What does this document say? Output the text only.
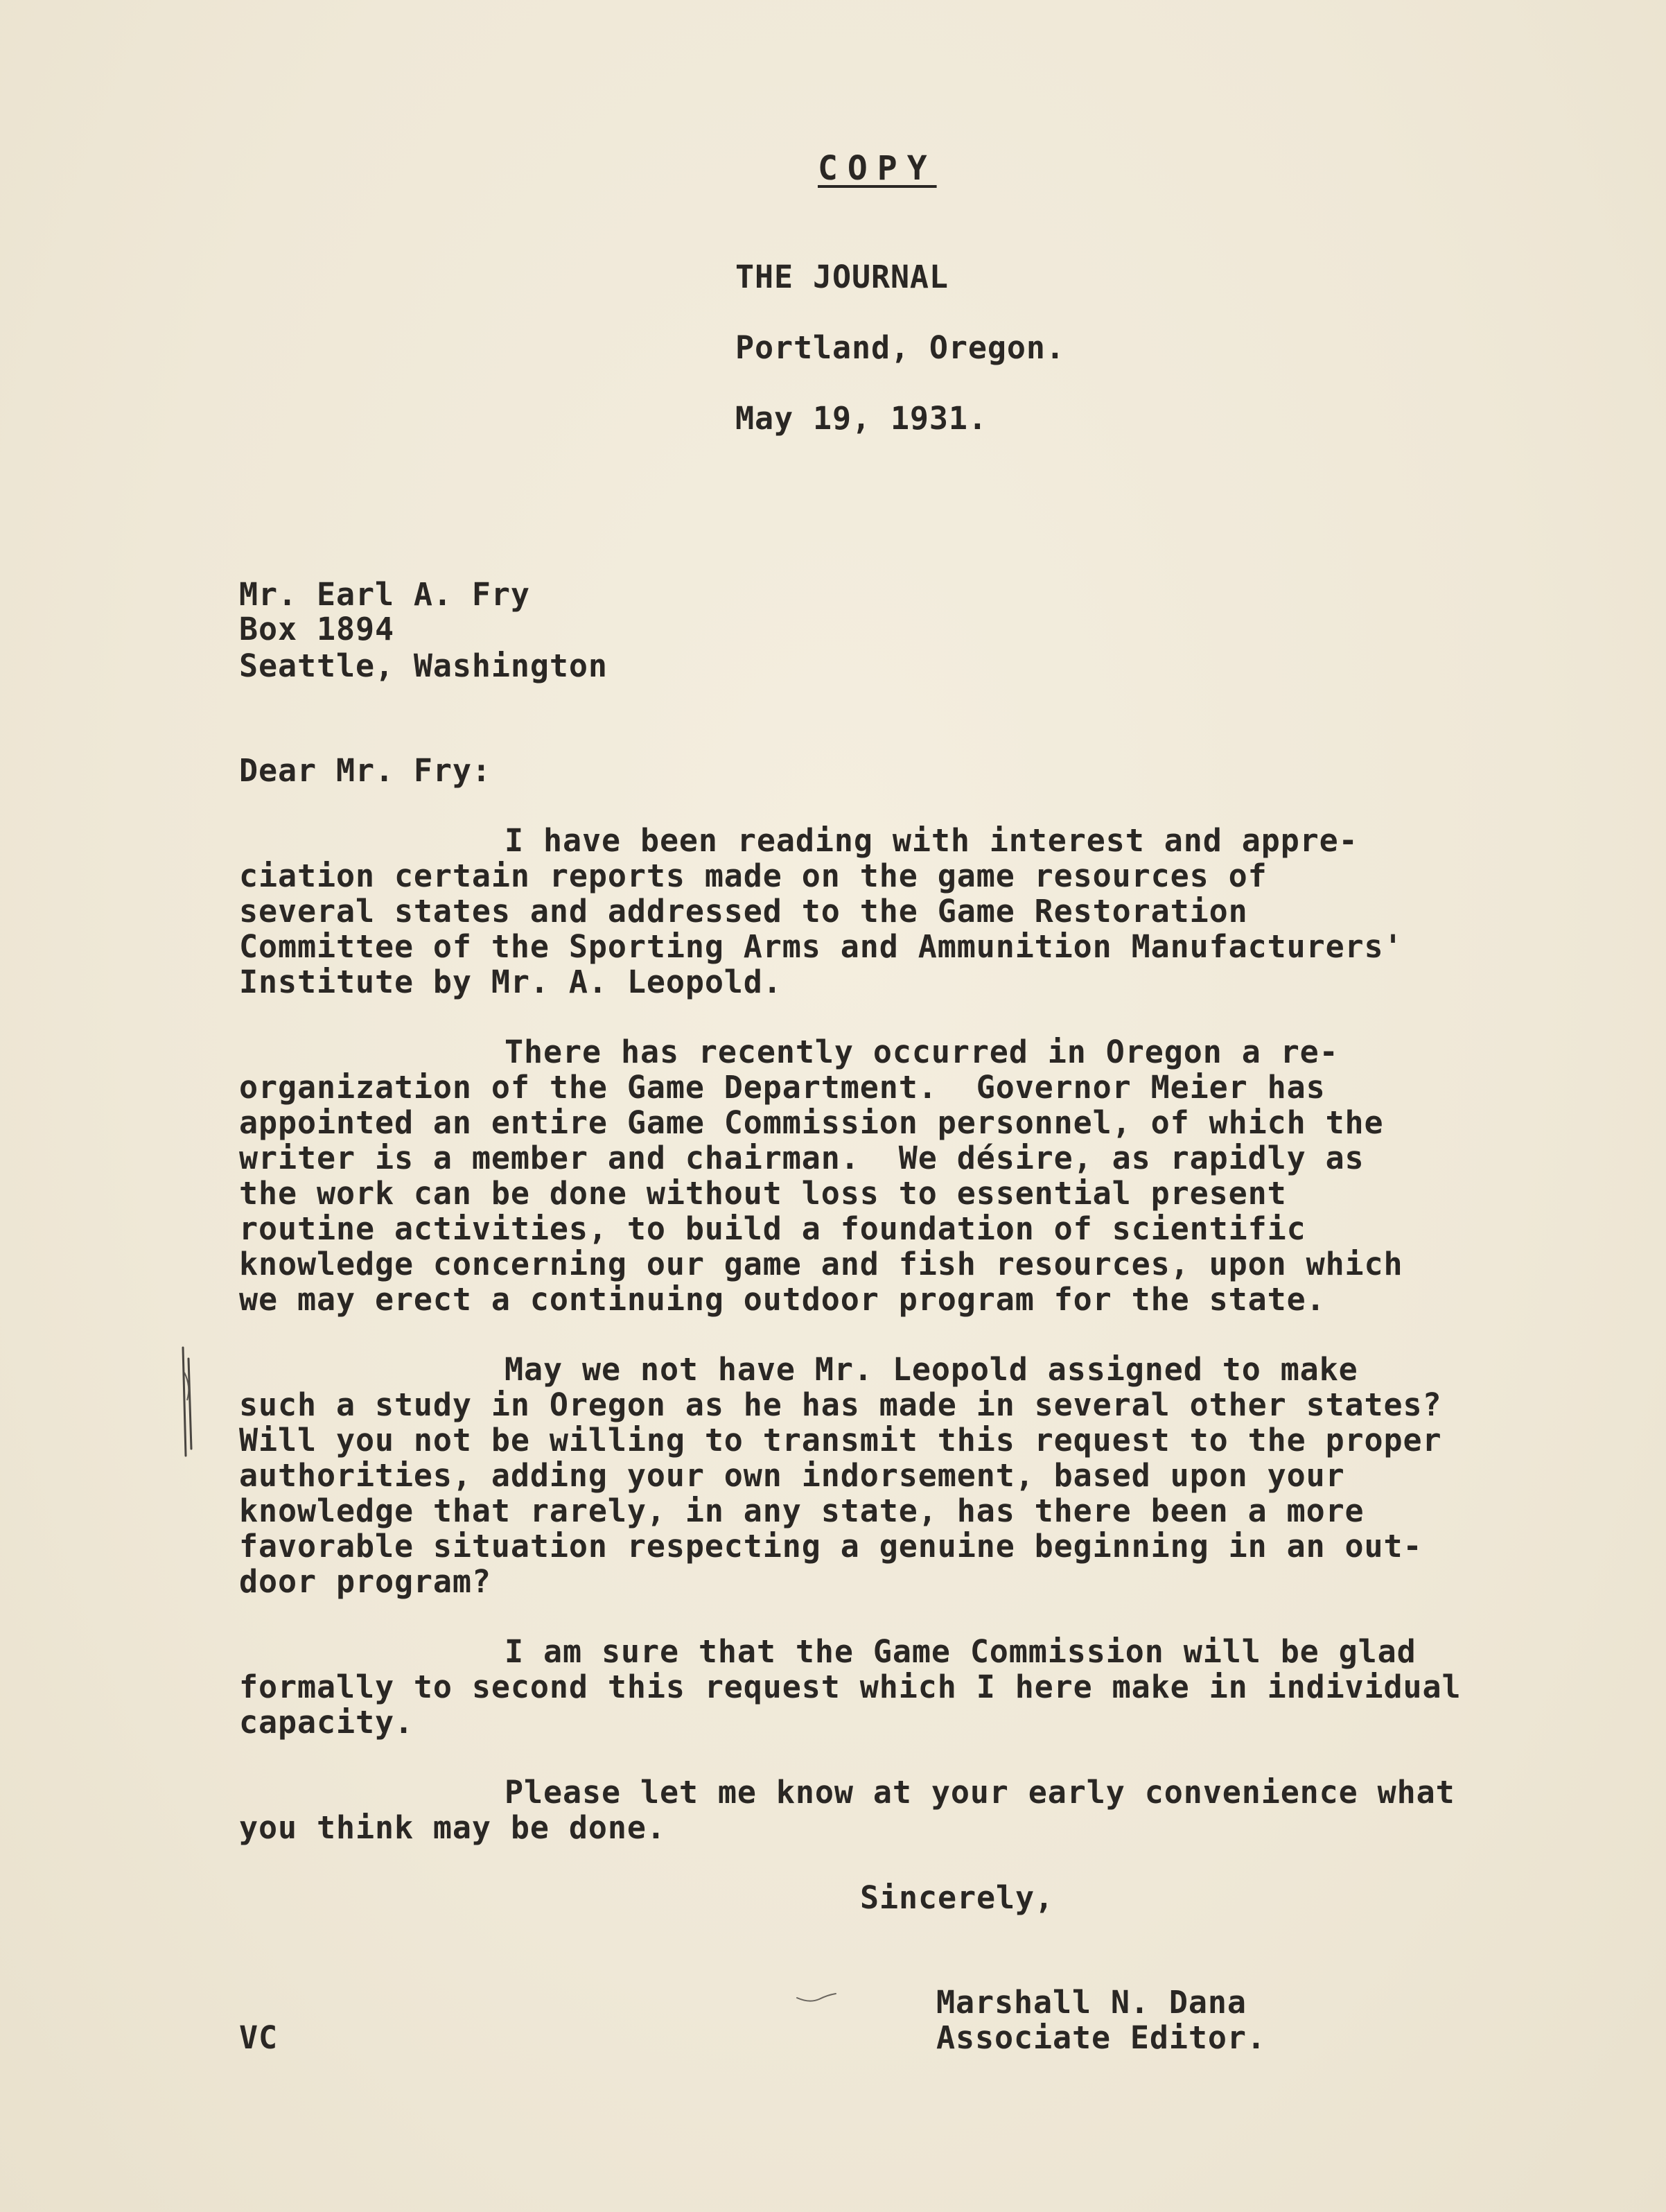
COPY
THE JOURNAL
Portland, Oregon.
May 19, 1931.
Mr. Earl A. Fry
Box 1894
Seattle, Washington
Dear Mr. Fry:
I have been reading with interest and appre-
ciation certain reports made on the game resources of
several states and addressed to the Game Restoration
Committee of the Sporting Arms and Ammunition Manufacturers'
Institute by Mr. A. Leopold.
There has recently occurred in Oregon a re-
organization of the Game Department.  Governor Meier has
appointed an entire Game Commission personnel, of which the
writer is a member and chairman.  We désire, as rapidly as
the work can be done without loss to essential present
routine activities, to build a foundation of scientific
knowledge concerning our game and fish resources, upon which
we may erect a continuing outdoor program for the state.
May we not have Mr. Leopold assigned to make
such a study in Oregon as he has made in several other states?
Will you not be willing to transmit this request to the proper
authorities, adding your own indorsement, based upon your
knowledge that rarely, in any state, has there been a more
favorable situation respecting a genuine beginning in an out-
door program?
I am sure that the Game Commission will be glad
formally to second this request which I here make in individual
capacity.
Please let me know at your early convenience what
you think may be done.
Sincerely,
Marshall N. Dana
Associate Editor.
VC
